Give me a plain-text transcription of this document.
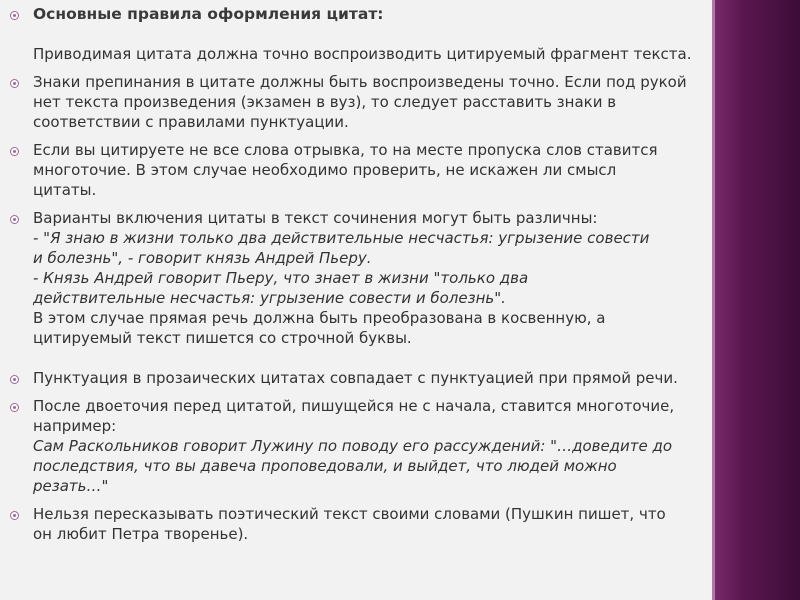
Основные правила оформления цитат:
Приводимая цитата должна точно воспроизводить цитируемый фрагмент текста.
Знаки препинания в цитате должны быть воспроизведены точно. Если под рукой
нет текста произведения (экзамен в вуз), то следует расставить знаки в
соответствии с правилами пунктуации.
Если вы цитируете не все слова отрывка, то на месте пропуска слов ставится
многоточие. В этом случае необходимо проверить, не искажен ли смысл
цитаты.
Варианты включения цитаты в текст сочинения могут быть различны:
- "Я знаю в жизни только два действительные несчастья: угрызение совести
и болезнь", - говорит князь Андрей Пьеру.
- Князь Андрей говорит Пьеру, что знает в жизни "только два
действительные несчастья: угрызение совести и болезнь".
В этом случае прямая речь должна быть преобразована в косвенную, а
цитируемый текст пишется со строчной буквы.
Пунктуация в прозаических цитатах совпадает с пунктуацией при прямой речи.
После двоеточия перед цитатой, пишущейся не с начала, ставится многоточие,
например:
Сам Раскольников говорит Лужину по поводу его рассуждений: "…доведите до
последствия, что вы давеча проповедовали, и выйдет, что людей можно
резать…"
Нельзя пересказывать поэтический текст своими словами (Пушкин пишет, что
он любит Петра творенье).
